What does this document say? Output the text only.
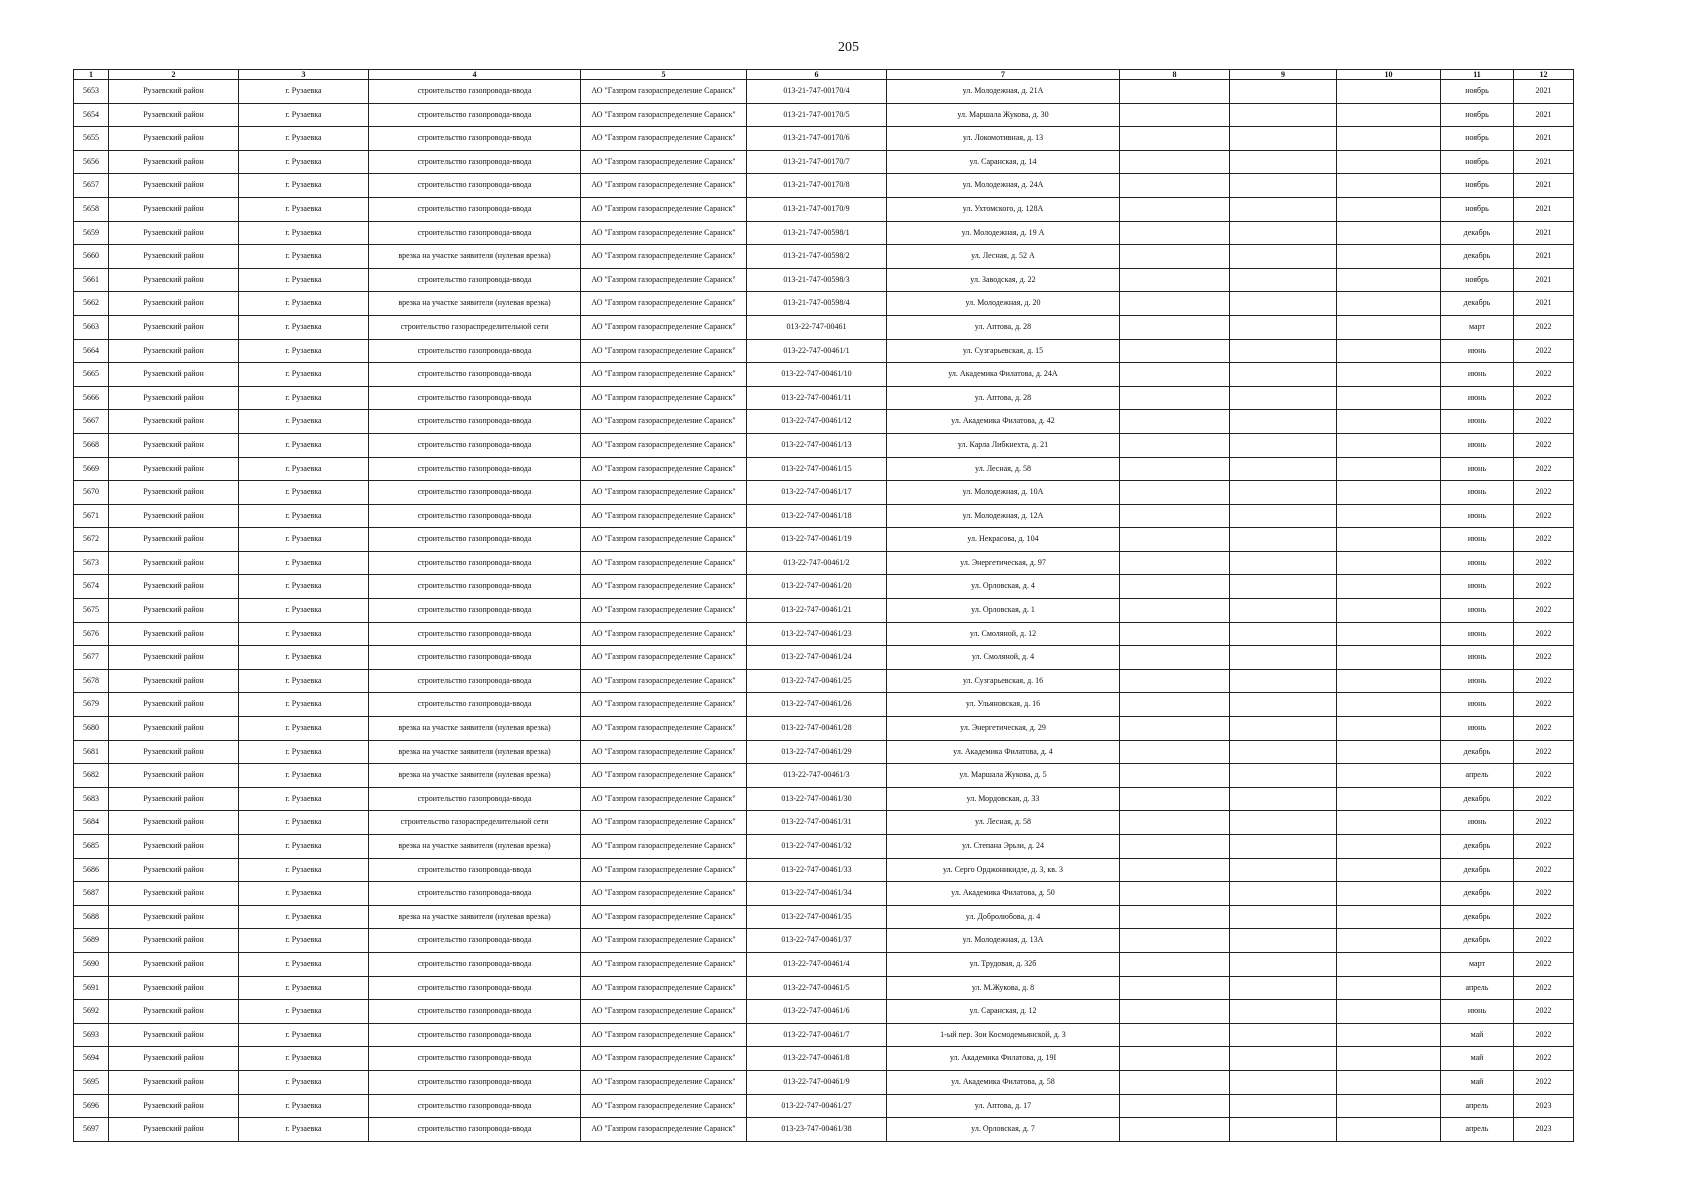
205
1	2	3	4	5	6	7	8	9	10	11	12
5653	Рузаевский район	г. Рузаевка	строительство газопровода-ввода	АО "Газпром газораспределение Саранск"	013-21-747-00170/4	ул. Молодежная, д. 21А				ноябрь	2021
5654	Рузаевский район	г. Рузаевка	строительство газопровода-ввода	АО "Газпром газораспределение Саранск"	013-21-747-00170/5	ул. Маршала Жукова, д. 30				ноябрь	2021
5655	Рузаевский район	г. Рузаевка	строительство газопровода-ввода	АО "Газпром газораспределение Саранск"	013-21-747-00170/6	ул. Локомотивная, д. 13				ноябрь	2021
5656	Рузаевский район	г. Рузаевка	строительство газопровода-ввода	АО "Газпром газораспределение Саранск"	013-21-747-00170/7	ул. Саранская, д. 14				ноябрь	2021
5657	Рузаевский район	г. Рузаевка	строительство газопровода-ввода	АО "Газпром газораспределение Саранск"	013-21-747-00170/8	ул. Молодежная, д. 24А				ноябрь	2021
5658	Рузаевский район	г. Рузаевка	строительство газопровода-ввода	АО "Газпром газораспределение Саранск"	013-21-747-00170/9	ул. Ухтомского, д. 128А				ноябрь	2021
5659	Рузаевский район	г. Рузаевка	строительство газопровода-ввода	АО "Газпром газораспределение Саранск"	013-21-747-00598/1	ул. Молодежная, д. 19 А				декабрь	2021
5660	Рузаевский район	г. Рузаевка	врезка на участке заявителя (нулевая врезка)	АО "Газпром газораспределение Саранск"	013-21-747-00598/2	ул. Лесная, д. 52 А				декабрь	2021
5661	Рузаевский район	г. Рузаевка	строительство газопровода-ввода	АО "Газпром газораспределение Саранск"	013-21-747-00598/3	ул. Заводская, д. 22				ноябрь	2021
5662	Рузаевский район	г. Рузаевка	врезка на участке заявителя (нулевая врезка)	АО "Газпром газораспределение Саранск"	013-21-747-00598/4	ул. Молодежная, д. 20				декабрь	2021
5663	Рузаевский район	г. Рузаевка	строительство газораспределительной сети	АО "Газпром газораспределение Саранск"	013-22-747-00461	ул. Аптова, д. 28				март	2022
5664	Рузаевский район	г. Рузаевка	строительство газопровода-ввода	АО "Газпром газораспределение Саранск"	013-22-747-00461/1	ул. Сузгарьевская, д. 15				июнь	2022
5665	Рузаевский район	г. Рузаевка	строительство газопровода-ввода	АО "Газпром газораспределение Саранск"	013-22-747-00461/10	ул. Академика Филатова, д. 24А				июнь	2022
5666	Рузаевский район	г. Рузаевка	строительство газопровода-ввода	АО "Газпром газораспределение Саранск"	013-22-747-00461/11	ул. Аптова, д. 28				июнь	2022
5667	Рузаевский район	г. Рузаевка	строительство газопровода-ввода	АО "Газпром газораспределение Саранск"	013-22-747-00461/12	ул. Академика Филатова, д. 42				июнь	2022
5668	Рузаевский район	г. Рузаевка	строительство газопровода-ввода	АО "Газпром газораспределение Саранск"	013-22-747-00461/13	ул. Карла Либкнехта, д. 21				июнь	2022
5669	Рузаевский район	г. Рузаевка	строительство газопровода-ввода	АО "Газпром газораспределение Саранск"	013-22-747-00461/15	ул. Лесная, д. 58				июнь	2022
5670	Рузаевский район	г. Рузаевка	строительство газопровода-ввода	АО "Газпром газораспределение Саранск"	013-22-747-00461/17	ул. Молодежная, д. 10А				июнь	2022
5671	Рузаевский район	г. Рузаевка	строительство газопровода-ввода	АО "Газпром газораспределение Саранск"	013-22-747-00461/18	ул. Молодежная, д. 12А				июнь	2022
5672	Рузаевский район	г. Рузаевка	строительство газопровода-ввода	АО "Газпром газораспределение Саранск"	013-22-747-00461/19	ул. Некрасова, д. 104				июнь	2022
5673	Рузаевский район	г. Рузаевка	строительство газопровода-ввода	АО "Газпром газораспределение Саранск"	013-22-747-00461/2	ул. Энергетическая, д. 97				июнь	2022
5674	Рузаевский район	г. Рузаевка	строительство газопровода-ввода	АО "Газпром газораспределение Саранск"	013-22-747-00461/20	ул. Орловская, д. 4				июнь	2022
5675	Рузаевский район	г. Рузаевка	строительство газопровода-ввода	АО "Газпром газораспределение Саранск"	013-22-747-00461/21	ул. Орловская, д. 1				июнь	2022
5676	Рузаевский район	г. Рузаевка	строительство газопровода-ввода	АО "Газпром газораспределение Саранск"	013-22-747-00461/23	ул. Смоляной, д. 12				июнь	2022
5677	Рузаевский район	г. Рузаевка	строительство газопровода-ввода	АО "Газпром газораспределение Саранск"	013-22-747-00461/24	ул. Смоляной, д. 4				июнь	2022
5678	Рузаевский район	г. Рузаевка	строительство газопровода-ввода	АО "Газпром газораспределение Саранск"	013-22-747-00461/25	ул. Сузгарьевская, д. 16				июнь	2022
5679	Рузаевский район	г. Рузаевка	строительство газопровода-ввода	АО "Газпром газораспределение Саранск"	013-22-747-00461/26	ул. Ульяновская, д. 16				июнь	2022
5680	Рузаевский район	г. Рузаевка	врезка на участке заявителя (нулевая врезка)	АО "Газпром газораспределение Саранск"	013-22-747-00461/28	ул. Энергетическая, д. 29				июнь	2022
5681	Рузаевский район	г. Рузаевка	врезка на участке заявителя (нулевая врезка)	АО "Газпром газораспределение Саранск"	013-22-747-00461/29	ул. Академика Филатова, д. 4				декабрь	2022
5682	Рузаевский район	г. Рузаевка	врезка на участке заявителя (нулевая врезка)	АО "Газпром газораспределение Саранск"	013-22-747-00461/3	ул. Маршала Жукова, д. 5				апрель	2022
5683	Рузаевский район	г. Рузаевка	строительство газопровода-ввода	АО "Газпром газораспределение Саранск"	013-22-747-00461/30	ул. Мордовская, д. 33				декабрь	2022
5684	Рузаевский район	г. Рузаевка	строительство газораспределительной сети	АО "Газпром газораспределение Саранск"	013-22-747-00461/31	ул. Лесная, д. 58				июнь	2022
5685	Рузаевский район	г. Рузаевка	врезка на участке заявителя (нулевая врезка)	АО "Газпром газораспределение Саранск"	013-22-747-00461/32	ул. Степана Эрьзи, д. 24				декабрь	2022
5686	Рузаевский район	г. Рузаевка	строительство газопровода-ввода	АО "Газпром газораспределение Саранск"	013-22-747-00461/33	ул. Серго Орджоникидзе, д. 3, кв. 3				декабрь	2022
5687	Рузаевский район	г. Рузаевка	строительство газопровода-ввода	АО "Газпром газораспределение Саранск"	013-22-747-00461/34	ул. Академика Филатова, д. 50				декабрь	2022
5688	Рузаевский район	г. Рузаевка	врезка на участке заявителя (нулевая врезка)	АО "Газпром газораспределение Саранск"	013-22-747-00461/35	ул. Добролюбова, д. 4				декабрь	2022
5689	Рузаевский район	г. Рузаевка	строительство газопровода-ввода	АО "Газпром газораспределение Саранск"	013-22-747-00461/37	ул. Молодежная, д. 13А				декабрь	2022
5690	Рузаевский район	г. Рузаевка	строительство газопровода-ввода	АО "Газпром газораспределение Саранск"	013-22-747-00461/4	ул. Трудовая, д. 32б				март	2022
5691	Рузаевский район	г. Рузаевка	строительство газопровода-ввода	АО "Газпром газораспределение Саранск"	013-22-747-00461/5	ул. М.Жукова, д. 8				апрель	2022
5692	Рузаевский район	г. Рузаевка	строительство газопровода-ввода	АО "Газпром газораспределение Саранск"	013-22-747-00461/6	ул. Саранская, д. 12				июнь	2022
5693	Рузаевский район	г. Рузаевка	строительство газопровода-ввода	АО "Газпром газораспределение Саранск"	013-22-747-00461/7	1-ый пер. Зои Космодемьянской, д. 3				май	2022
5694	Рузаевский район	г. Рузаевка	строительство газопровода-ввода	АО "Газпром газораспределение Саранск"	013-22-747-00461/8	ул. Академика Филатова, д. 19I				май	2022
5695	Рузаевский район	г. Рузаевка	строительство газопровода-ввода	АО "Газпром газораспределение Саранск"	013-22-747-00461/9	ул. Академика Филатова, д. 58				май	2022
5696	Рузаевский район	г. Рузаевка	строительство газопровода-ввода	АО "Газпром газораспределение Саранск"	013-22-747-00461/27	ул. Аптова, д. 17				апрель	2023
5697	Рузаевский район	г. Рузаевка	строительство газопровода-ввода	АО "Газпром газораспределение Саранск"	013-23-747-00461/38	ул. Орловская, д. 7				апрель	2023
